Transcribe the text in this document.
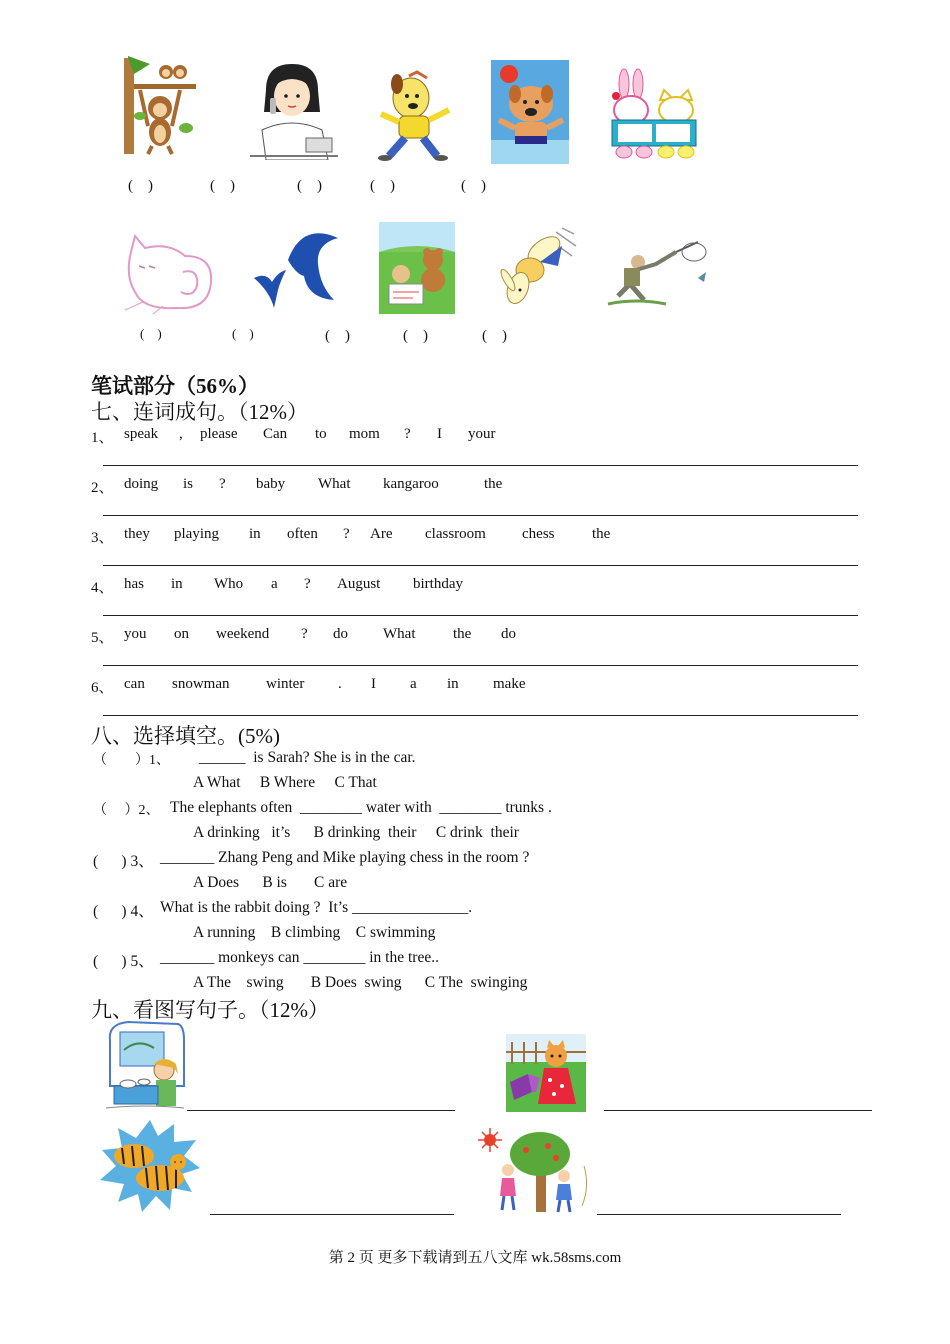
(    )	(    )	(    )	(    )	(    )
(    )	(    )	(    )	(    )	(    )
笔试部分（56%）
七、连词成句。（12%）
1、 speak , please Can to mom ? I your
2、 doing is ? baby What kangaroo	the
3、 they playing in often ? Are classroom chess	the
4、 has in Who a ? August birthday
5、 you on weekend ? do What	the do
6、 can snowman winter . I a in make
八、选择填空。(5%)
（        ）1、 ______  is Sarah? She is in the car.
A What     B Where     C That
（     ）2、 The elephants often  ________ water with  ________ trunks .
A drinking   it’s      B drinking  their     C drink  their
(      ) 3、 _______ Zhang Peng and Mike playing chess in the room ?
A Does      B is       C are
(      ) 4、 What is the rabbit doing ?  It’s _______________.
A running    B climbing    C swimming
(      ) 5、 _______ monkeys can ________ in the tree..
A The    swing       B Does  swing      C The  swinging
九、看图写句子。（12%）
第 2 页 更多下载请到五八文库 wk.58sms.com
